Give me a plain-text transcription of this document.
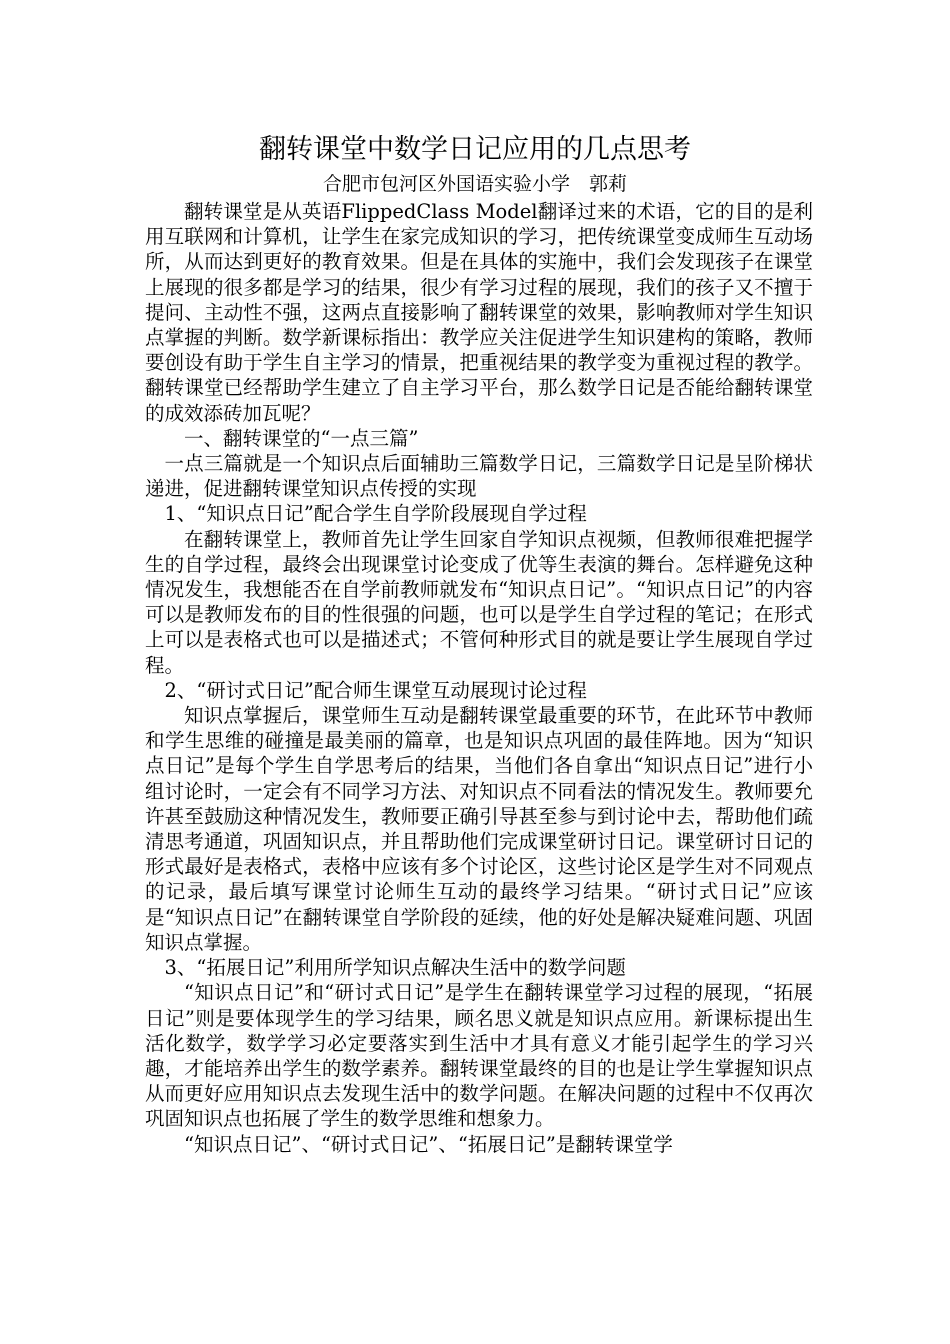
翻转课堂中数学日记应用的几点思考
合肥市包河区外国语实验小学　郭莉

翻转课堂是从英语FlippedClass Model翻译过来的术语，它的目的是利用互联网和计算机，让学生在家完成知识的学习，把传统课堂变成师生互动场所，从而达到更好的教育效果。但是在具体的实施中，我们会发现孩子在课堂上展现的很多都是学习的结果，很少有学习过程的展现，我们的孩子又不擅于提问、主动性不强，这两点直接影响了翻转课堂的效果，影响教师对学生知识点掌握的判断。数学新课标指出：教学应关注促进学生知识建构的策略，教师要创设有助于学生自主学习的情景，把重视结果的教学变为重视过程的教学。翻转课堂已经帮助学生建立了自主学习平台，那么数学日记是否能给翻转课堂的成效添砖加瓦呢？

一、翻转课堂的“一点三篇”

一点三篇就是一个知识点后面辅助三篇数学日记，三篇数学日记是呈阶梯状递进，促进翻转课堂知识点传授的实现

1、“知识点日记”配合学生自学阶段展现自学过程

在翻转课堂上，教师首先让学生回家自学知识点视频，但教师很难把握学生的自学过程，最终会出现课堂讨论变成了优等生表演的舞台。怎样避免这种情况发生，我想能否在自学前教师就发布“知识点日记”。“知识点日记”的内容可以是教师发布的目的性很强的问题，也可以是学生自学过程的笔记；在形式上可以是表格式也可以是描述式；不管何种形式目的就是要让学生展现自学过程。

2、“研讨式日记”配合师生课堂互动展现讨论过程

知识点掌握后，课堂师生互动是翻转课堂最重要的环节，在此环节中教师和学生思维的碰撞是最美丽的篇章，也是知识点巩固的最佳阵地。因为“知识点日记”是每个学生自学思考后的结果，当他们各自拿出“知识点日记”进行小组讨论时，一定会有不同学习方法、对知识点不同看法的情况发生。教师要允许甚至鼓励这种情况发生，教师要正确引导甚至参与到讨论中去，帮助他们疏清思考通道，巩固知识点，并且帮助他们完成课堂研讨日记。课堂研讨日记的形式最好是表格式，表格中应该有多个讨论区，这些讨论区是学生对不同观点的记录，最后填写课堂讨论师生互动的最终学习结果。“研讨式日记”应该是“知识点日记”在翻转课堂自学阶段的延续，他的好处是解决疑难问题、巩固知识点掌握。

3、“拓展日记”利用所学知识点解决生活中的数学问题

“知识点日记”和“研讨式日记”是学生在翻转课堂学习过程的展现，“拓展日记”则是要体现学生的学习结果，顾名思义就是知识点应用。新课标提出生活化数学，数学学习必定要落实到生活中才具有意义才能引起学生的学习兴趣，才能培养出学生的数学素养。翻转课堂最终的目的也是让学生掌握知识点从而更好应用知识点去发现生活中的数学问题。在解决问题的过程中不仅再次巩固知识点也拓展了学生的数学思维和想象力。

“知识点日记”、“研讨式日记”、“拓展日记”是翻转课堂学
